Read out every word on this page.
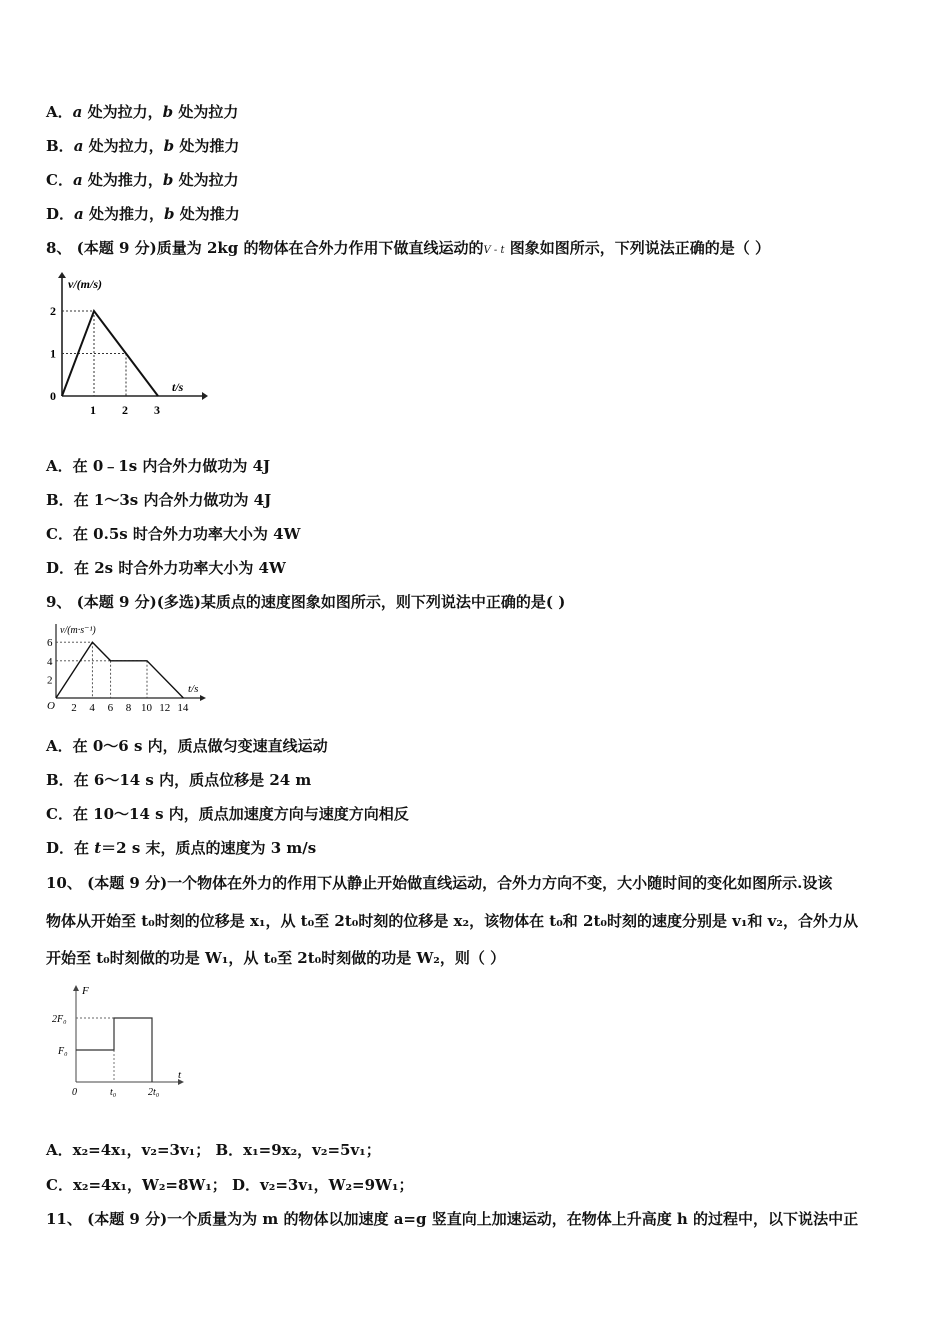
A．a 处为拉力，b 处为拉力
B．a 处为拉力，b 处为推力
C．a 处为推力，b 处为拉力
D．a 处为推力，b 处为推力
8、 (本题 9 分)质量为 2kg 的物体在合外力作用下做直线运动的V - t 图象如图所示，下列说法正确的是（ ）
v/(m/s)
t/s
0
1 2 3
1
2
A．在 0﹣1s 内合外力做功为 4J
B．在 1～3s 内合外力做功为 4J
C．在 0.5s 时合外力功率大小为 4W
D．在 2s 时合外力功率大小为 4W
9、 (本题 9 分)(多选)某质点的速度图象如图所示，则下列说法中正确的是( )
v/(m·s⁻¹)
t/s
O 2 4 6 8 10 12 14
2
4
6
A．在 0～6 s 内，质点做匀变速直线运动
B．在 6～14 s 内，质点位移是 24 m
C．在 10～14 s 内，质点加速度方向与速度方向相反
D．在 t＝2 s 末，质点的速度为 3 m/s
10、 (本题 9 分)一个物体在外力的作用下从静止开始做直线运动，合外力方向不变，大小随时间的变化如图所示.设该
物体从开始至 t₀时刻的位移是 x₁，从 t₀至 2t₀时刻的位移是 x₂，该物体在 t₀和 2t₀时刻的速度分别是 v₁和 v₂，合外力从
开始至 t₀时刻做的功是 W₁，从 t₀至 2t₀时刻做的功是 W₂，则（ ）
F
t
0	t₀	2t₀
F₀
2F₀
A．x₂=4x₁，v₂=3v₁； B．x₁=9x₂，v₂=5v₁；
C．x₂=4x₁，W₂=8W₁； D．v₂=3v₁，W₂=9W₁；
11、 (本题 9 分)一个质量为为 m 的物体以加速度 a=g 竖直向上加速运动，在物体上升高度 h 的过程中，以下说法中正
